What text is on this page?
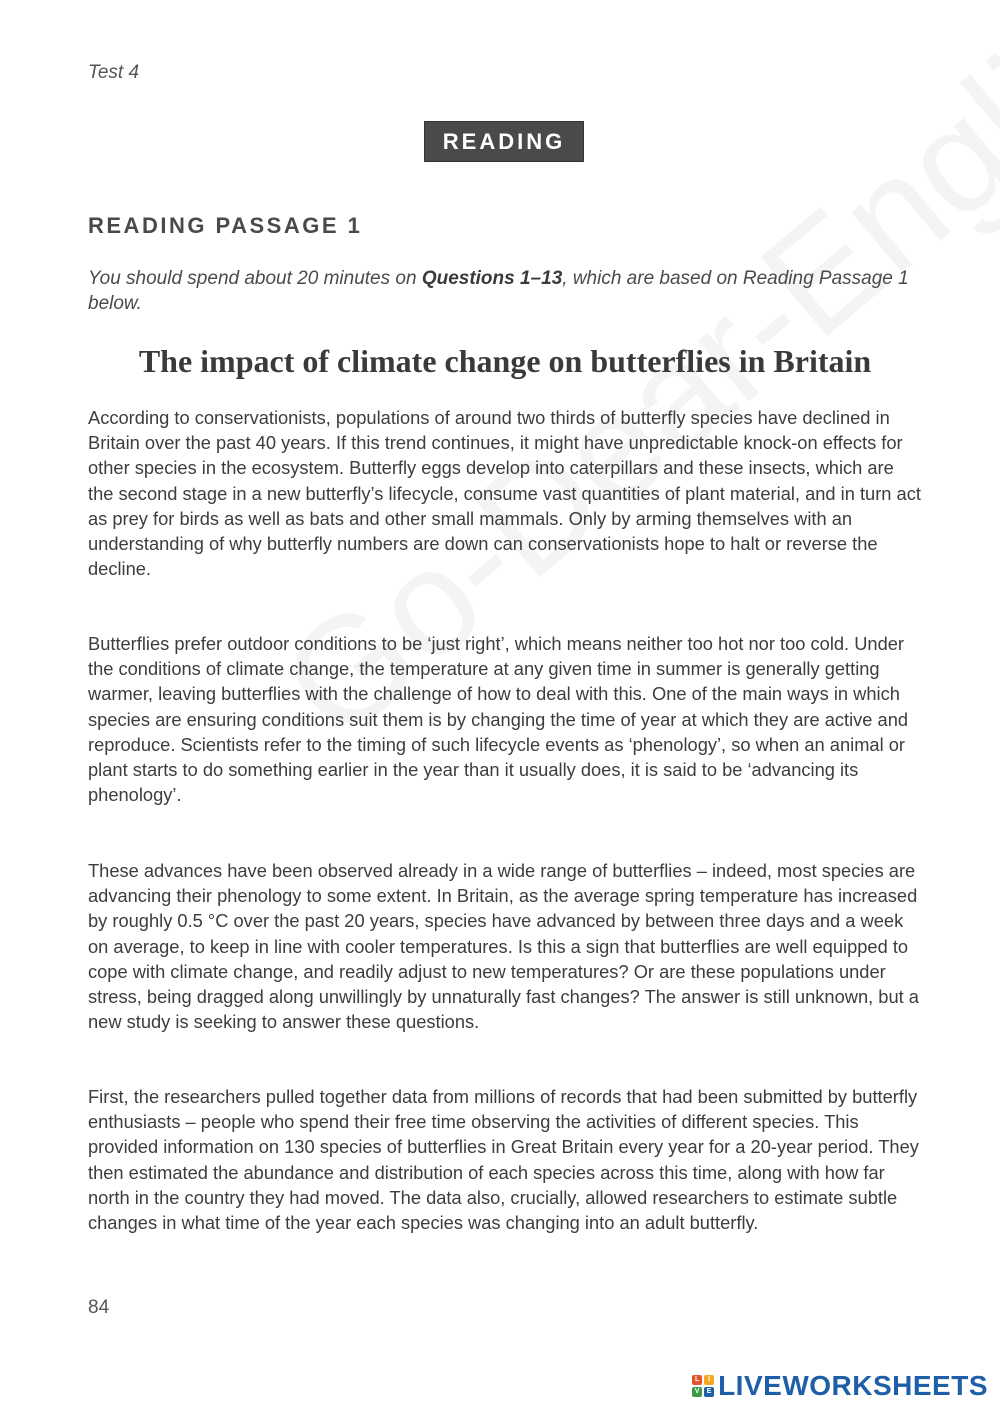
Test 4
READING
READING PASSAGE 1
You should spend about 20 minutes on Questions 1–13, which are based on Reading Passage 1 below.
The impact of climate change on butterflies in Britain

According to conservationists, populations of around two thirds of butterfly species have declined in Britain over the past 40 years. If this trend continues, it might have unpredictable knock-on effects for other species in the ecosystem. Butterfly eggs develop into caterpillars and these insects, which are the second stage in a new butterfly’s lifecycle, consume vast quantities of plant material, and in turn act as prey for birds as well as bats and other small mammals. Only by arming themselves with an understanding of why butterfly numbers are down can conservationists hope to halt or reverse the decline.

Butterflies prefer outdoor conditions to be ‘just right’, which means neither too hot nor too cold. Under the conditions of climate change, the temperature at any given time in summer is generally getting warmer, leaving butterflies with the challenge of how to deal with this. One of the main ways in which species are ensuring conditions suit them is by changing the time of year at which they are active and reproduce. Scientists refer to the timing of such lifecycle events as ‘phenology’, so when an animal or plant starts to do something earlier in the year than it usually does, it is said to be ‘advancing its phenology’.

These advances have been observed already in a wide range of butterflies – indeed, most species are advancing their phenology to some extent. In Britain, as the average spring temperature has increased by roughly 0.5 °C over the past 20 years, species have advanced by between three days and a week on average, to keep in line with cooler temperatures. Is this a sign that butterflies are well equipped to cope with climate change, and readily adjust to new temperatures? Or are these populations under stress, being dragged along unwillingly by unnaturally fast changes? The answer is still unknown, but a new study is seeking to answer these questions.

First, the researchers pulled together data from millions of records that had been submitted by butterfly enthusiasts – people who spend their free time observing the activities of different species. This provided information on 130 species of butterflies in Great Britain every year for a 20-year period. They then estimated the abundance and distribution of each species across this time, along with how far north in the country they had moved. The data also, crucially, allowed researchers to estimate subtle changes in what time of the year each species was changing into an adult butterfly.

84
L	I
V	E LIVEWORKSHEETS
